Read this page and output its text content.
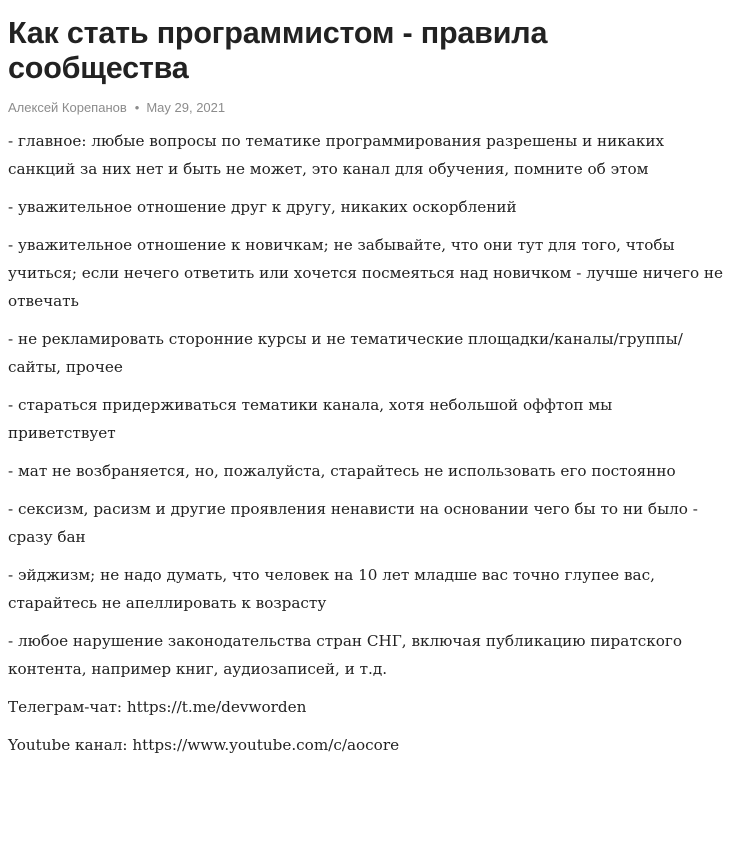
Как стать программистом - правила сообщества
Алексей Корепанов • May 29, 2021

- главное: любые вопросы по тематике программирования разрешены и никаких санкций за них нет и быть не может, это канал для обучения, помните об этом

- уважительное отношение друг к другу, никаких оскорблений

- уважительное отношение к новичкам; не забывайте, что они тут для того, чтобы учиться; если нечего ответить или хочется посмеяться над новичком - лучше ничего не отвечать

- не рекламировать сторонние курсы и не тематические площадки/каналы/группы/сайты, прочее

- стараться придерживаться тематики канала, хотя небольшой оффтоп мы приветствует

- мат не возбраняется, но, пожалуйста, старайтесь не использовать его постоянно

- сексизм, расизм и другие проявления ненависти на основании чего бы то ни было - сразу бан

- эйджизм; не надо думать, что человек на 10 лет младше вас точно глупее вас, старайтесь не апеллировать к возрасту

- любое нарушение законодательства стран СНГ, включая публикацию пиратского контента, например книг, аудиозаписей, и т.д.

Телеграм-чат: https://t.me/devworden

Youtube канал: https://www.youtube.com/c/aocore
